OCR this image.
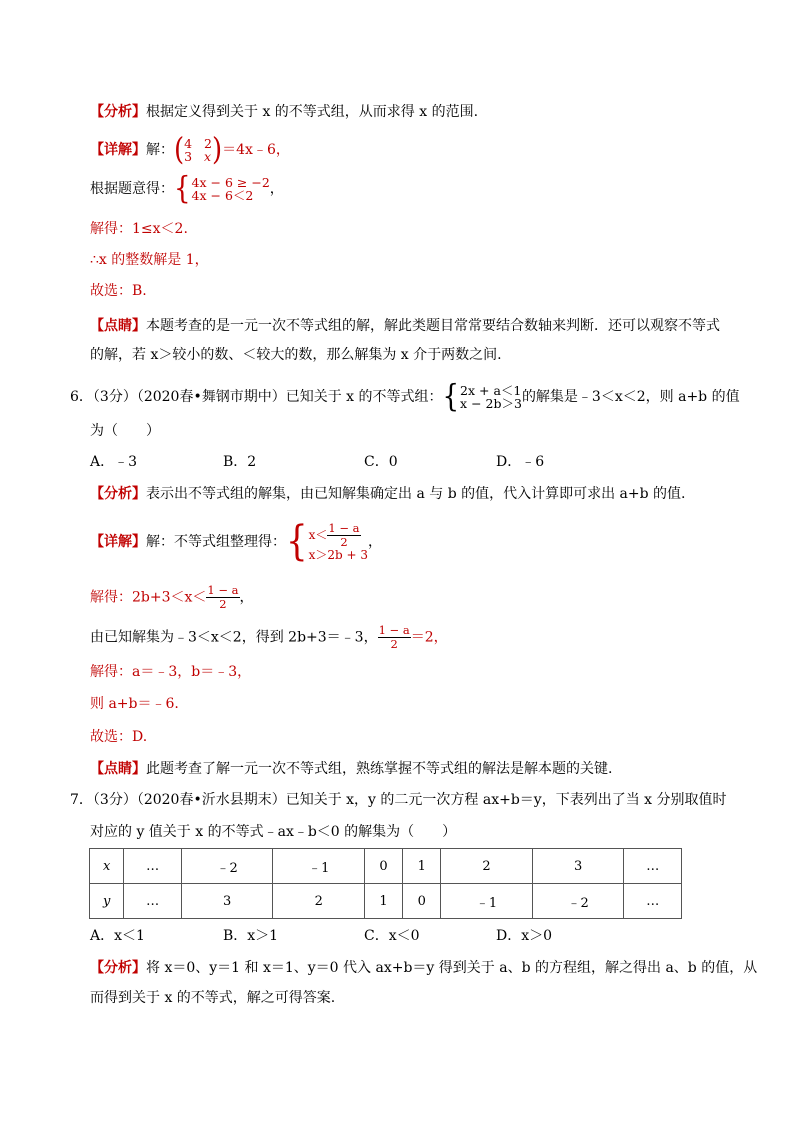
【分析】根据定义得到关于 x 的不等式组，从而求得 x 的范围.
【详解】解：(4 2
3 x)＝4x﹣6，
根据题意得：{4x − 6 ≥ −2
4x − 6＜2 ，
解得：1≤x＜2.
∴x 的整数解是 1，
故选：B.
【点睛】本题考查的是一元一次不等式组的解，解此类题目常常要结合数轴来判断．还可以观察不等式
的解，若 x＞较小的数、＜较大的数，那么解集为 x 介于两数之间.
6．（3分）（2020春•舞钢市期中）已知关于 x 的不等式组：{2x + a＜1
x − 2b＞3的解集是﹣3＜x＜2，则 a+b 的值
为（　　）
A．﹣3	B．2	C．0	D．﹣6
【分析】表示出不等式组的解集，由已知解集确定出 a 与 b 的值，代入计算即可求出 a+b 的值.
【详解】解：不等式组整理得：{$x< \frac{1 - a}{2}$

x＞2b + 3，
解得：$2b+3<x< \frac{1 - a}{2}$ ，
由已知解集为﹣3＜x＜2，得到 2b+3＝﹣3， $\frac{1 - a}{2} =2$，
解得：a＝﹣3，b＝﹣3，
则 a+b＝﹣6.
故选：D.
【点睛】此题考查了解一元一次不等式组，熟练掌握不等式组的解法是解本题的关键.
7．（3分）（2020春•沂水县期末）已知关于 x，y 的二元一次方程 ax+b＝y，下表列出了当 x 分别取值时
对应的 y 值关于 x 的不等式﹣ax﹣b＜0 的解集为（　　）
x	…	﹣2	﹣1	0	1	2	3	…
y	…	3	2	1	0	﹣1	﹣2	…
A．x＜1	B．x＞1	C．x＜0	D．x＞0
【分析】将 x＝0、y＝1 和 x＝1、y＝0 代入 ax+b＝y 得到关于 a、b 的方程组，解之得出 a、b 的值，从
而得到关于 x 的不等式，解之可得答案.
